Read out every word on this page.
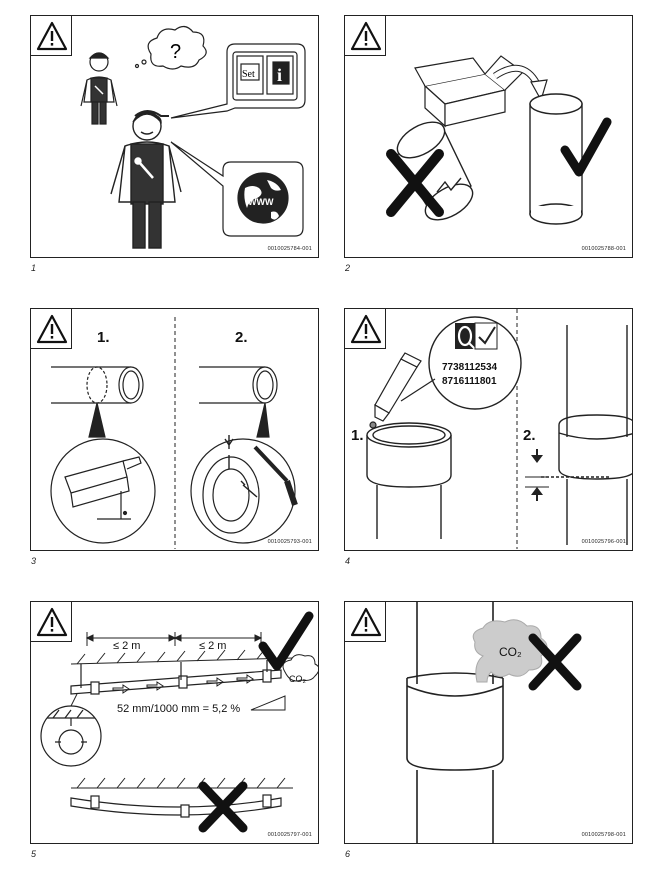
?
Set i
WWW
0010025784-001
1
0010025788-001
2
1.	2.
0010025793-001
3
7738112534
8716111801
1.	2.
0010025796-001
4
≤ 2 m	≤ 2 m
CO₂
52 mm/1000 mm = 5,2 %
0010025797-001
5
CO₂
0010025798-001
6
